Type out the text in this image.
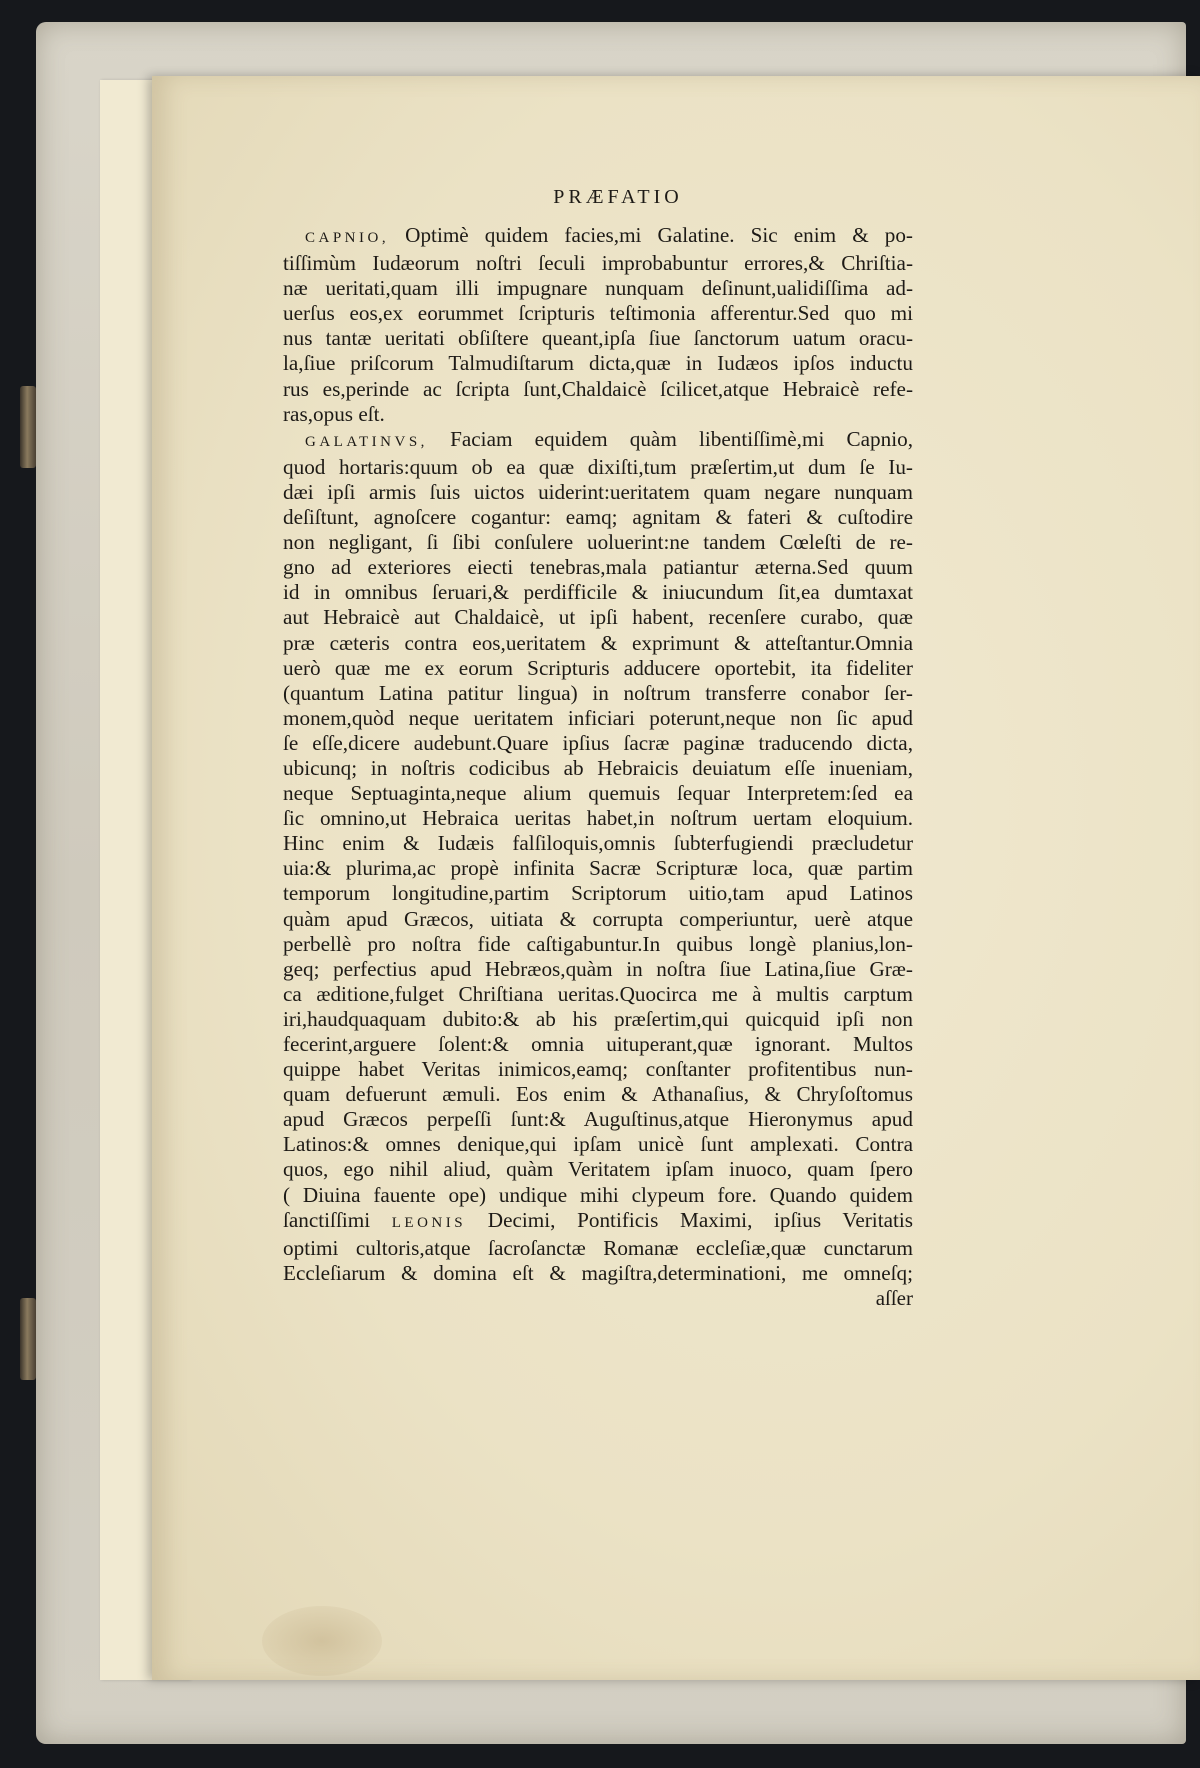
PRÆFATIO
CAPNIO, Optimè quidem facies,mi Galatine. Sic enim & po-
tiſſimùm Iudæorum noſtri ſeculi improbabuntur errores,& Chriſtia-
næ ueritati,quam illi impugnare nunquam deſinunt,ualidiſſima ad-
uerſus eos,ex eorummet ſcripturis teſtimonia afferentur.Sed quo mi
nus tantæ ueritati obſiſtere queant,ipſa ſiue ſanctorum uatum oracu-
la,ſiue priſcorum Talmudiſtarum dicta,quæ in Iudæos ipſos inductu
rus es,perinde ac ſcripta ſunt,Chaldaicè ſcilicet,atque Hebraicè refe-
ras,opus eſt.
GALATINVS, Faciam equidem quàm libentiſſimè,mi Capnio,
quod hortaris:quum ob ea quæ dixiſti,tum præſertim,ut dum ſe Iu-
dæi ipſi armis ſuis uictos uiderint:ueritatem quam negare nunquam
deſiſtunt, agnoſcere cogantur: eamq; agnitam & fateri & cuſtodire
non negligant, ſi ſibi conſulere uoluerint:ne tandem Cœleſti de re-
gno ad exteriores eiecti tenebras,mala patiantur æterna.Sed quum
id in omnibus ſeruari,& perdifficile & iniucundum ſit,ea dumtaxat
aut Hebraicè aut Chaldaicè, ut ipſi habent, recenſere curabo, quæ
præ cæteris contra eos,ueritatem & exprimunt & atteſtantur.Omnia
uerò quæ me ex eorum Scripturis adducere oportebit, ita fideliter
(quantum Latina patitur lingua) in noſtrum transferre conabor ſer-
monem,quòd neque ueritatem inficiari poterunt,neque non ſic apud
ſe eſſe,dicere audebunt.Quare ipſius ſacræ paginæ traducendo dicta,
ubicunq; in noſtris codicibus ab Hebraicis deuiatum eſſe inueniam,
neque Septuaginta,neque alium quemuis ſequar Interpretem:ſed ea
ſic omnino,ut Hebraica ueritas habet,in noſtrum uertam eloquium.
Hinc enim & Iudæis falſiloquis,omnis ſubterfugiendi præcludetur
uia:& plurima,ac propè infinita Sacræ Scripturæ loca, quæ partim
temporum longitudine,partim Scriptorum uitio,tam apud Latinos
quàm apud Græcos, uitiata & corrupta comperiuntur, uerè atque
perbellè pro noſtra fide caſtigabuntur.In quibus longè planius,lon-
geq; perfectius apud Hebræos,quàm in noſtra ſiue Latina,ſiue Græ-
ca æditione,fulget Chriſtiana ueritas.Quocirca me à multis carptum
iri,haudquaquam dubito:& ab his præſertim,qui quicquid ipſi non
fecerint,arguere ſolent:& omnia uituperant,quæ ignorant. Multos
quippe habet Veritas inimicos,eamq; conſtanter profitentibus nun-
quam defuerunt æmuli. Eos enim & Athanaſius, & Chryſoſtomus
apud Græcos perpeſſi ſunt:& Auguſtinus,atque Hieronymus apud
Latinos:& omnes denique,qui ipſam unicè ſunt amplexati. Contra
quos, ego nihil aliud, quàm Veritatem ipſam inuoco, quam ſpero
( Diuina fauente ope) undique mihi clypeum fore. Quando quidem
ſanctiſſimi LEONIS Decimi, Pontificis Maximi, ipſius Veritatis
optimi cultoris,atque ſacroſanctæ Romanæ eccleſiæ,quæ cunctarum
Eccleſiarum & domina eſt & magiſtra,determinationi, me omneſq;
aſſer
